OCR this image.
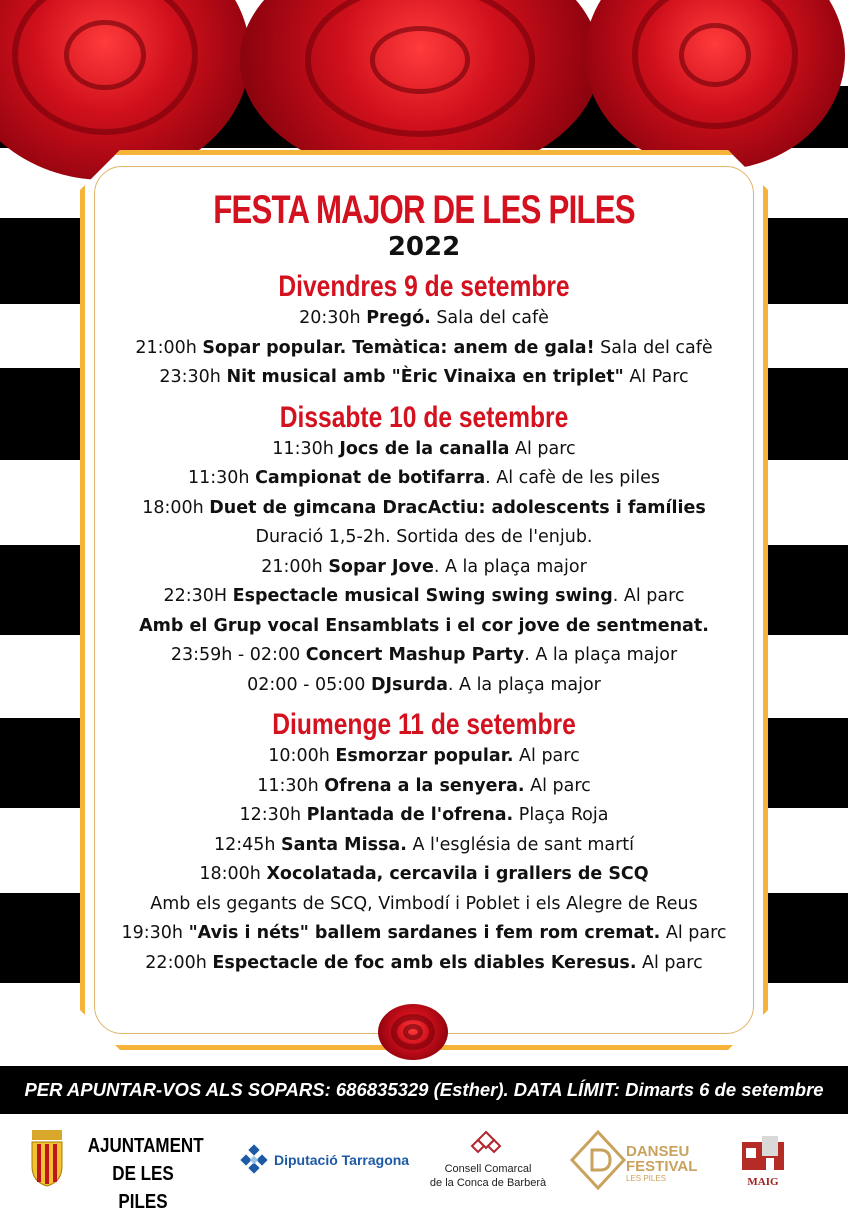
FESTA MAJOR DE LES PILES
2022
Divendres 9 de setembre
20:30h Pregó. Sala del cafè
21:00h Sopar popular. Temàtica: anem de gala! Sala del cafè
23:30h Nit musical amb "Èric Vinaixa en triplet" Al Parc
Dissabte 10 de setembre
11:30h Jocs de la canalla Al parc
11:30h Campionat de botifarra. Al cafè de les piles
18:00h Duet de gimcana DracActiu: adolescents i famílies
Duració 1,5-2h. Sortida des de l'enjub.
21:00h Sopar Jove. A la plaça major
22:30H Espectacle musical Swing swing swing. Al parc
Amb el Grup vocal Ensamblats i el cor jove de sentmenat.
23:59h - 02:00 Concert Mashup Party. A la plaça major
02:00 - 05:00 DJsurda. A la plaça major
Diumenge 11 de setembre
10:00h Esmorzar popular. Al parc
11:30h Ofrena a la senyera. Al parc
12:30h Plantada de l'ofrena. Plaça Roja
12:45h Santa Missa. A l'església de sant martí
18:00h Xocolatada, cercavila i grallers de SCQ
Amb els gegants de SCQ, Vimbodí i Poblet i els Alegre de Reus
19:30h "Avis i néts" ballem sardanes i fem rom cremat. Al parc
22:00h Espectacle de foc amb els diables Keresus. Al parc
PER APUNTAR-VOS ALS SOPARS: 686835329 (Esther). DATA LÍMIT: Dimarts 6 de setembre
AJUNTAMENT
DE LES PILES
Diputació Tarragona
Consell Comarcal
de la Conca de Barberà
DANSEU
FESTIVAL
LES PILES	MAIG
